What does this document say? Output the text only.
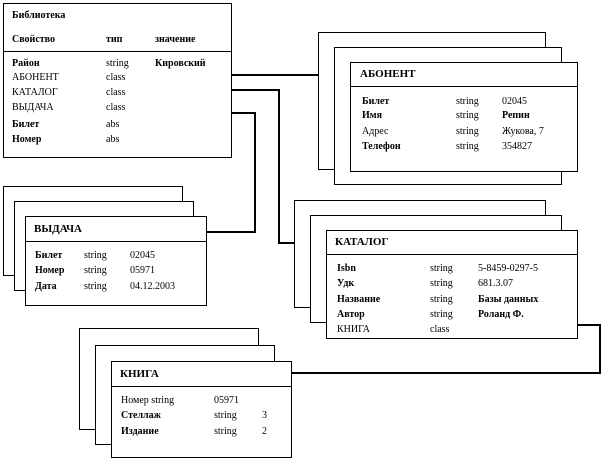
Библиотека
Свойство	тип	значение
Район	string	Кировский
АБОНЕНТ	class
КАТАЛОГ	class
ВЫДАЧА	class
Билет	abs
Номер	abs
АБОНЕНТ
Билет	string 02045
Имя	string Репин
Адрес	string Жукова, 7
Телефон	string 354827
ВЫДАЧА
Билет string 02045
Номер string 05971
Дата	string 04.12.2003
КАТАЛОГ
Isbn	string	5-8459-0297-5
Удк	string	681.3.07
Название	string	Базы данных
Автор	string	Роланд Ф.
КНИГА	class
КНИГА
Номер string	05971
Стеллаж	string	3
Издание	string	2
